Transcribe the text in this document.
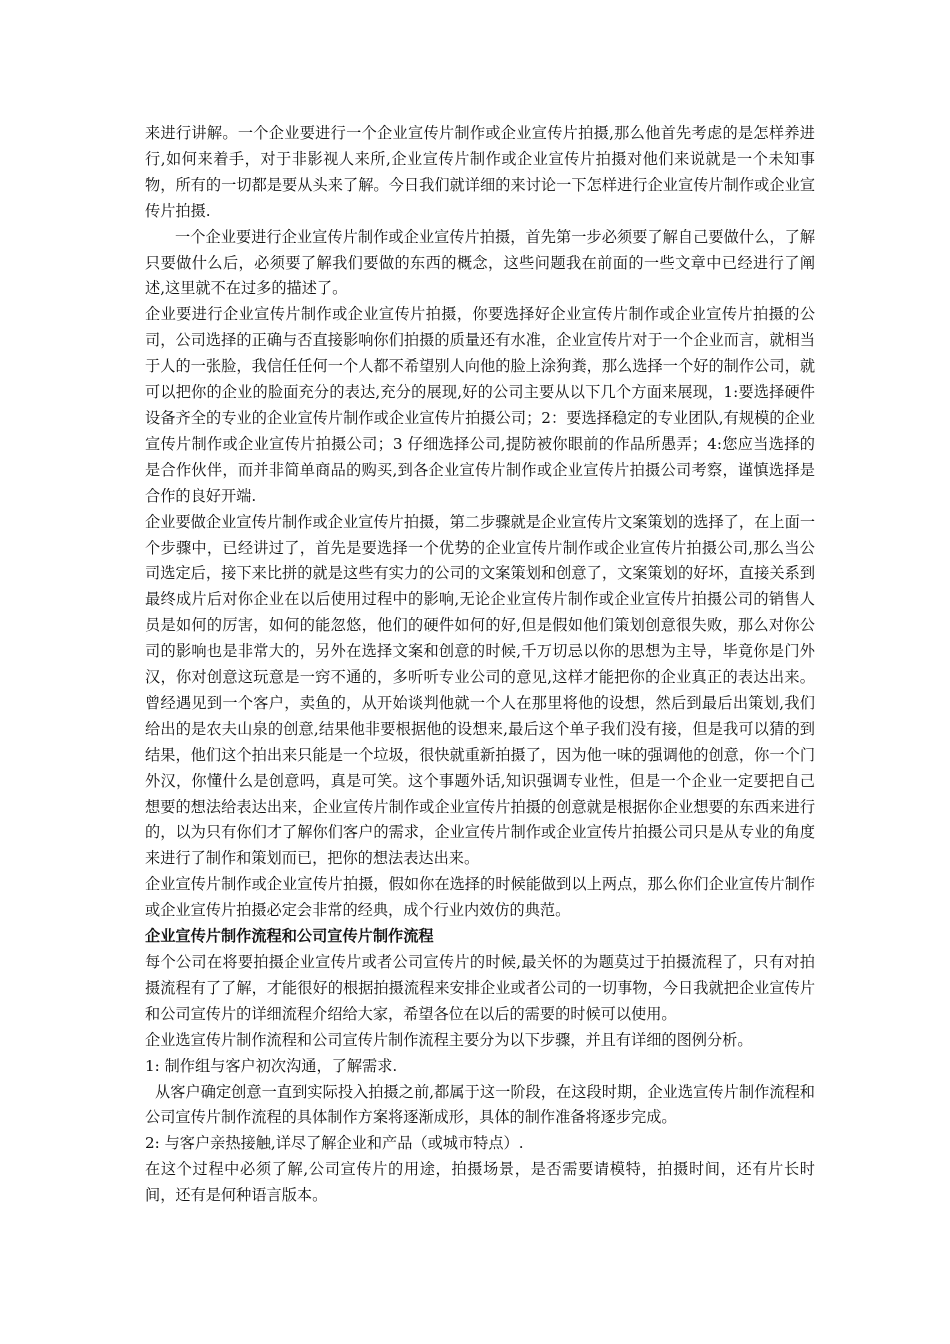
来进行讲解。一个企业要进行一个企业宣传片制作或企业宣传片拍摄,那么他首先考虑的是怎样养进行,如何来着手，对于非影视人来所,企业宣传片制作或企业宣传片拍摄对他们来说就是一个未知事物，所有的一切都是要从头来了解。今日我们就详细的来讨论一下怎样进行企业宣传片制作或企业宣传片拍摄.

一个企业要进行企业宣传片制作或企业宣传片拍摄，首先第一步必须要了解自己要做什么，了解只要做什么后，必须要了解我们要做的东西的概念，这些问题我在前面的一些文章中已经进行了阐述,这里就不在过多的描述了。

企业要进行企业宣传片制作或企业宣传片拍摄，你要选择好企业宣传片制作或企业宣传片拍摄的公司，公司选择的正确与否直接影响你们拍摄的质量还有水准，企业宣传片对于一个企业而言，就相当于人的一张脸，我信任任何一个人都不希望别人向他的脸上涂狗粪，那么选择一个好的制作公司，就可以把你的企业的脸面充分的表达,充分的展现,好的公司主要从以下几个方面来展现，1:要选择硬件设备齐全的专业的企业宣传片制作或企业宣传片拍摄公司；2：要选择稳定的专业团队,有规模的企业宣传片制作或企业宣传片拍摄公司；3 仔细选择公司,提防被你眼前的作品所愚弄；4:您应当选择的是合作伙伴，而并非简单商品的购买,到各企业宣传片制作或企业宣传片拍摄公司考察，谨慎选择是合作的良好开端.

企业要做企业宣传片制作或企业宣传片拍摄，第二步骤就是企业宣传片文案策划的选择了，在上面一个步骤中，已经讲过了，首先是要选择一个优势的企业宣传片制作或企业宣传片拍摄公司,那么当公司选定后，接下来比拼的就是这些有实力的公司的文案策划和创意了，文案策划的好坏，直接关系到最终成片后对你企业在以后使用过程中的影响,无论企业宣传片制作或企业宣传片拍摄公司的销售人员是如何的厉害，如何的能忽悠，他们的硬件如何的好,但是假如他们策划创意很失败，那么对你公司的影响也是非常大的，另外在选择文案和创意的时候,千万切忌以你的思想为主导，毕竟你是门外汉，你对创意这玩意是一窍不通的，多听听专业公司的意见,这样才能把你的企业真正的表达出来。曾经遇见到一个客户，卖鱼的，从开始谈判他就一个人在那里将他的设想，然后到最后出策划,我们给出的是农夫山泉的创意,结果他非要根据他的设想来,最后这个单子我们没有接，但是我可以猜的到结果，他们这个拍出来只能是一个垃圾，很快就重新拍摄了，因为他一味的强调他的创意，你一个门外汉，你懂什么是创意吗，真是可笑。这个事题外话,知识强调专业性，但是一个企业一定要把自己想要的想法给表达出来，企业宣传片制作或企业宣传片拍摄的创意就是根据你企业想要的东西来进行的，以为只有你们才了解你们客户的需求，企业宣传片制作或企业宣传片拍摄公司只是从专业的角度来进行了制作和策划而已，把你的想法表达出来。

企业宣传片制作或企业宣传片拍摄，假如你在选择的时候能做到以上两点，那么你们企业宣传片制作或企业宣传片拍摄必定会非常的经典，成个行业内效仿的典范。

企业宣传片制作流程和公司宣传片制作流程

每个公司在将要拍摄企业宣传片或者公司宣传片的时候,最关怀的为题莫过于拍摄流程了，只有对拍摄流程有了了解，才能很好的根据拍摄流程来安排企业或者公司的一切事物，今日我就把企业宣传片和公司宣传片的详细流程介绍给大家，希望各位在以后的需要的时候可以使用。

企业选宣传片制作流程和公司宣传片制作流程主要分为以下步骤，并且有详细的图例分析。

1: 制作组与客户初次沟通，了解需求.

从客户确定创意一直到实际投入拍摄之前,都属于这一阶段，在这段时期，企业选宣传片制作流程和公司宣传片制作流程的具体制作方案将逐渐成形，具体的制作准备将逐步完成。

2: 与客户亲热接触,详尽了解企业和产品（或城市特点）.

在这个过程中必须了解,公司宣传片的用途，拍摄场景，是否需要请模特，拍摄时间，还有片长时间，还有是何种语言版本。
